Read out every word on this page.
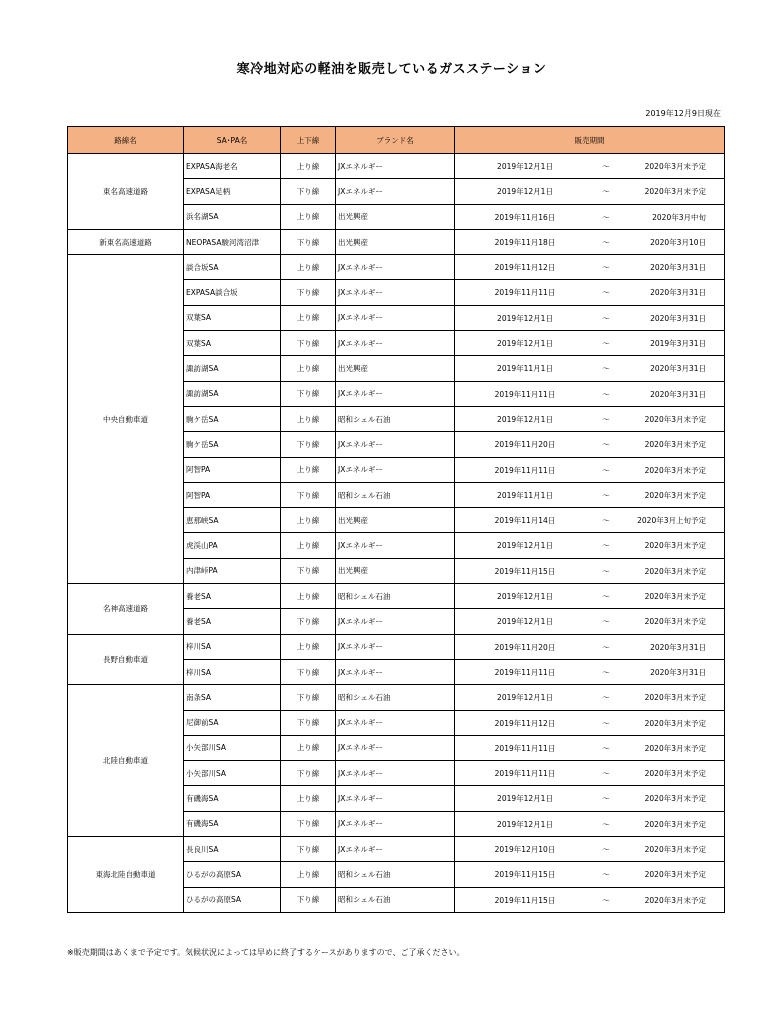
寒冷地対応の軽油を販売しているガスステーション
2019年12月9日現在
路線名	SA･PA名	上下線	ブランド名	販売期間
東名高速道路	EXPASA海老名	上り線	JXエネルギー	2019年12月1日 ～ 2020年3月末予定

	EXPASA足柄	下り線	JXエネルギー	2019年12月1日 ～ 2020年3月末予定

	浜名湖SA	上り線	出光興産	2019年11月16日 ～ 2020年3月中旬

新東名高速道路	NEOPASA駿河湾沼津	下り線	出光興産	2019年11月18日 ～ 2020年3月10日

中央自動車道	談合坂SA	上り線	JXエネルギー	2019年11月12日 ～ 2020年3月31日

	EXPASA談合坂	下り線	JXエネルギー	2019年11月11日 ～ 2020年3月31日

	双葉SA	上り線	JXエネルギー	2019年12月1日 ～ 2020年3月31日

	双葉SA	下り線	JXエネルギー	2019年12月1日 ～ 2019年3月31日

	諏訪湖SA	上り線	出光興産	2019年11月1日 ～ 2020年3月31日

	諏訪湖SA	下り線	JXエネルギー	2019年11月11日 ～ 2020年3月31日

	駒ケ岳SA	上り線	昭和シェル石油	2019年12月1日 ～ 2020年3月末予定

	駒ケ岳SA	下り線	JXエネルギー	2019年11月20日 ～ 2020年3月末予定

	阿智PA	上り線	JXエネルギー	2019年11月11日 ～ 2020年3月末予定

	阿智PA	下り線	昭和シェル石油	2019年11月1日 ～ 2020年3月末予定

	恵那峡SA	上り線	出光興産	2019年11月14日 ～ 2020年3月上旬予定

	虎渓山PA	上り線	JXエネルギー	2019年12月1日 ～ 2020年3月末予定

	内津峠PA	下り線	出光興産	2019年11月15日 ～ 2020年3月末予定

名神高速道路	養老SA	上り線	昭和シェル石油	2019年12月1日 ～ 2020年3月末予定

	養老SA	下り線	JXエネルギー	2019年12月1日 ～ 2020年3月末予定

長野自動車道	梓川SA	上り線	JXエネルギー	2019年11月20日 ～ 2020年3月31日

	梓川SA	下り線	JXエネルギー	2019年11月11日 ～ 2020年3月31日

北陸自動車道	南条SA	下り線	昭和シェル石油	2019年12月1日 ～ 2020年3月末予定

	尼御前SA	下り線	JXエネルギー	2019年11月12日 ～ 2020年3月末予定

	小矢部川SA	上り線	JXエネルギー	2019年11月11日 ～ 2020年3月末予定

	小矢部川SA	下り線	JXエネルギー	2019年11月11日 ～ 2020年3月末予定

	有磯海SA	上り線	JXエネルギー	2019年12月1日 ～ 2020年3月末予定

	有磯海SA	下り線	JXエネルギー	2019年12月1日 ～ 2020年3月末予定

東海北陸自動車道	長良川SA	下り線	JXエネルギー	2019年12月10日 ～ 2020年3月末予定

	ひるがの高原SA	上り線	昭和シェル石油	2019年11月15日 ～ 2020年3月末予定

	ひるがの高原SA	下り線	昭和シェル石油	2019年11月15日 ～ 2020年3月末予定
※販売期間はあくまで予定です。気候状況によっては早めに終了するケースがありますので、ご了承ください。
